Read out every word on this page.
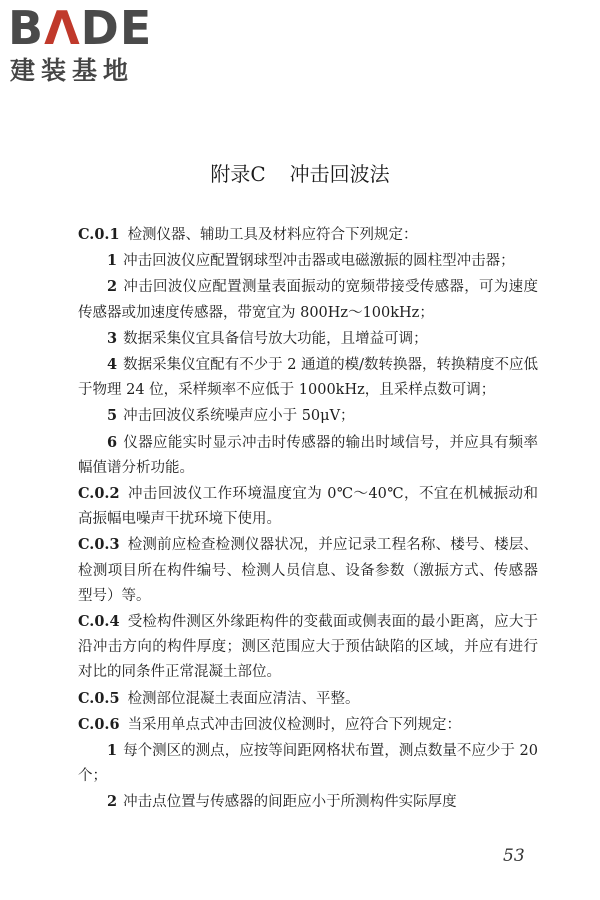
BΛDE
建装基地
附录C 冲击回波法

C.0.1 检测仪器、辅助工具及材料应符合下列规定：

1 冲击回波仪应配置钢球型冲击器或电磁激振的圆柱型冲击器；

2 冲击回波仪应配置测量表面振动的宽频带接受传感器，可为速度传感器或加速度传感器，带宽宜为 800Hz～100kHz；

3 数据采集仪宜具备信号放大功能，且增益可调；

4 数据采集仪宜配有不少于 2 通道的模/数转换器，转换精度不应低于物理 24 位，采样频率不应低于 1000kHz，且采样点数可调；

5 冲击回波仪系统噪声应小于 50μV；

6 仪器应能实时显示冲击时传感器的输出时域信号，并应具有频率幅值谱分析功能。

C.0.2 冲击回波仪工作环境温度宜为 0℃～40℃，不宜在机械振动和高振幅电噪声干扰环境下使用。

C.0.3 检测前应检查检测仪器状况，并应记录工程名称、楼号、楼层、检测项目所在构件编号、检测人员信息、设备参数（激振方式、传感器型号）等。

C.0.4 受检构件测区外缘距构件的变截面或侧表面的最小距离，应大于沿冲击方向的构件厚度；测区范围应大于预估缺陷的区域，并应有进行对比的同条件正常混凝土部位。

C.0.5 检测部位混凝土表面应清洁、平整。

C.0.6 当采用单点式冲击回波仪检测时，应符合下列规定：

1 每个测区的测点，应按等间距网格状布置，测点数量不应少于 20 个；

2 冲击点位置与传感器的间距应小于所测构件实际厚度

53
